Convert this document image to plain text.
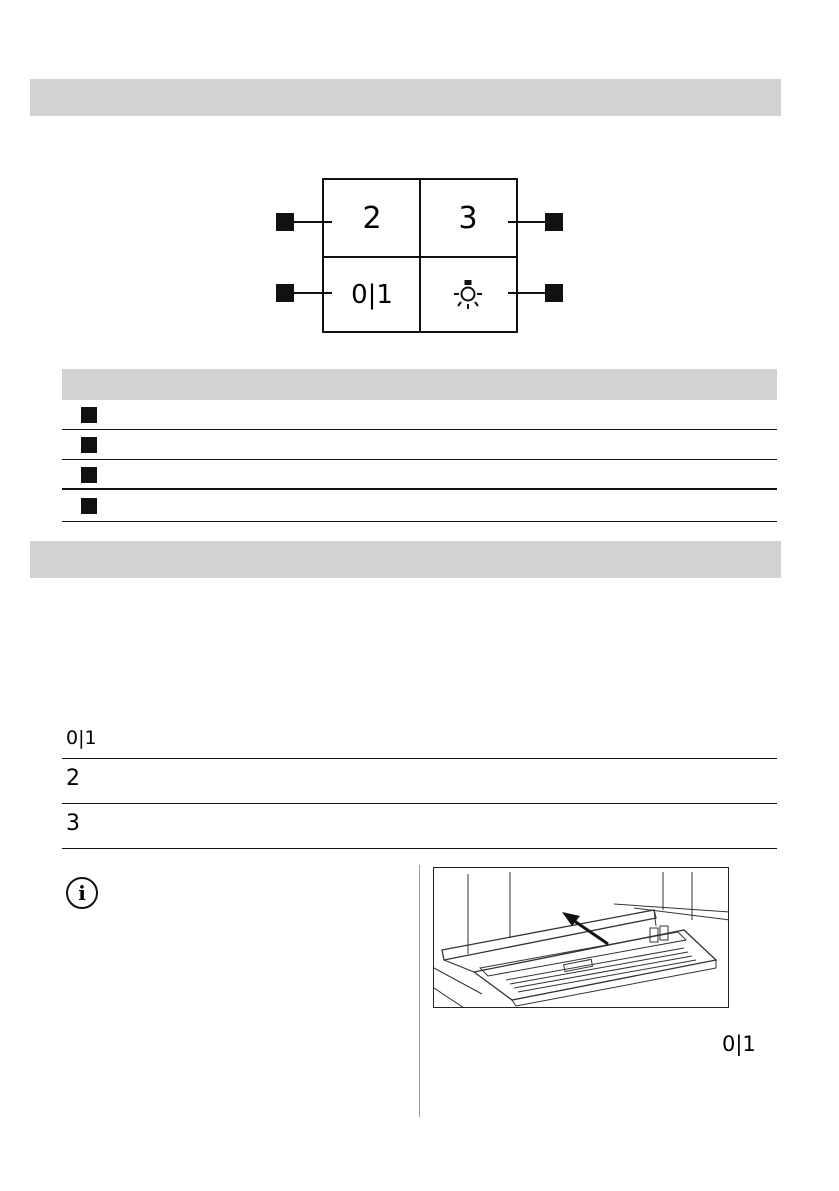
2	3
0|1
0|1
2
3
i
0|1
